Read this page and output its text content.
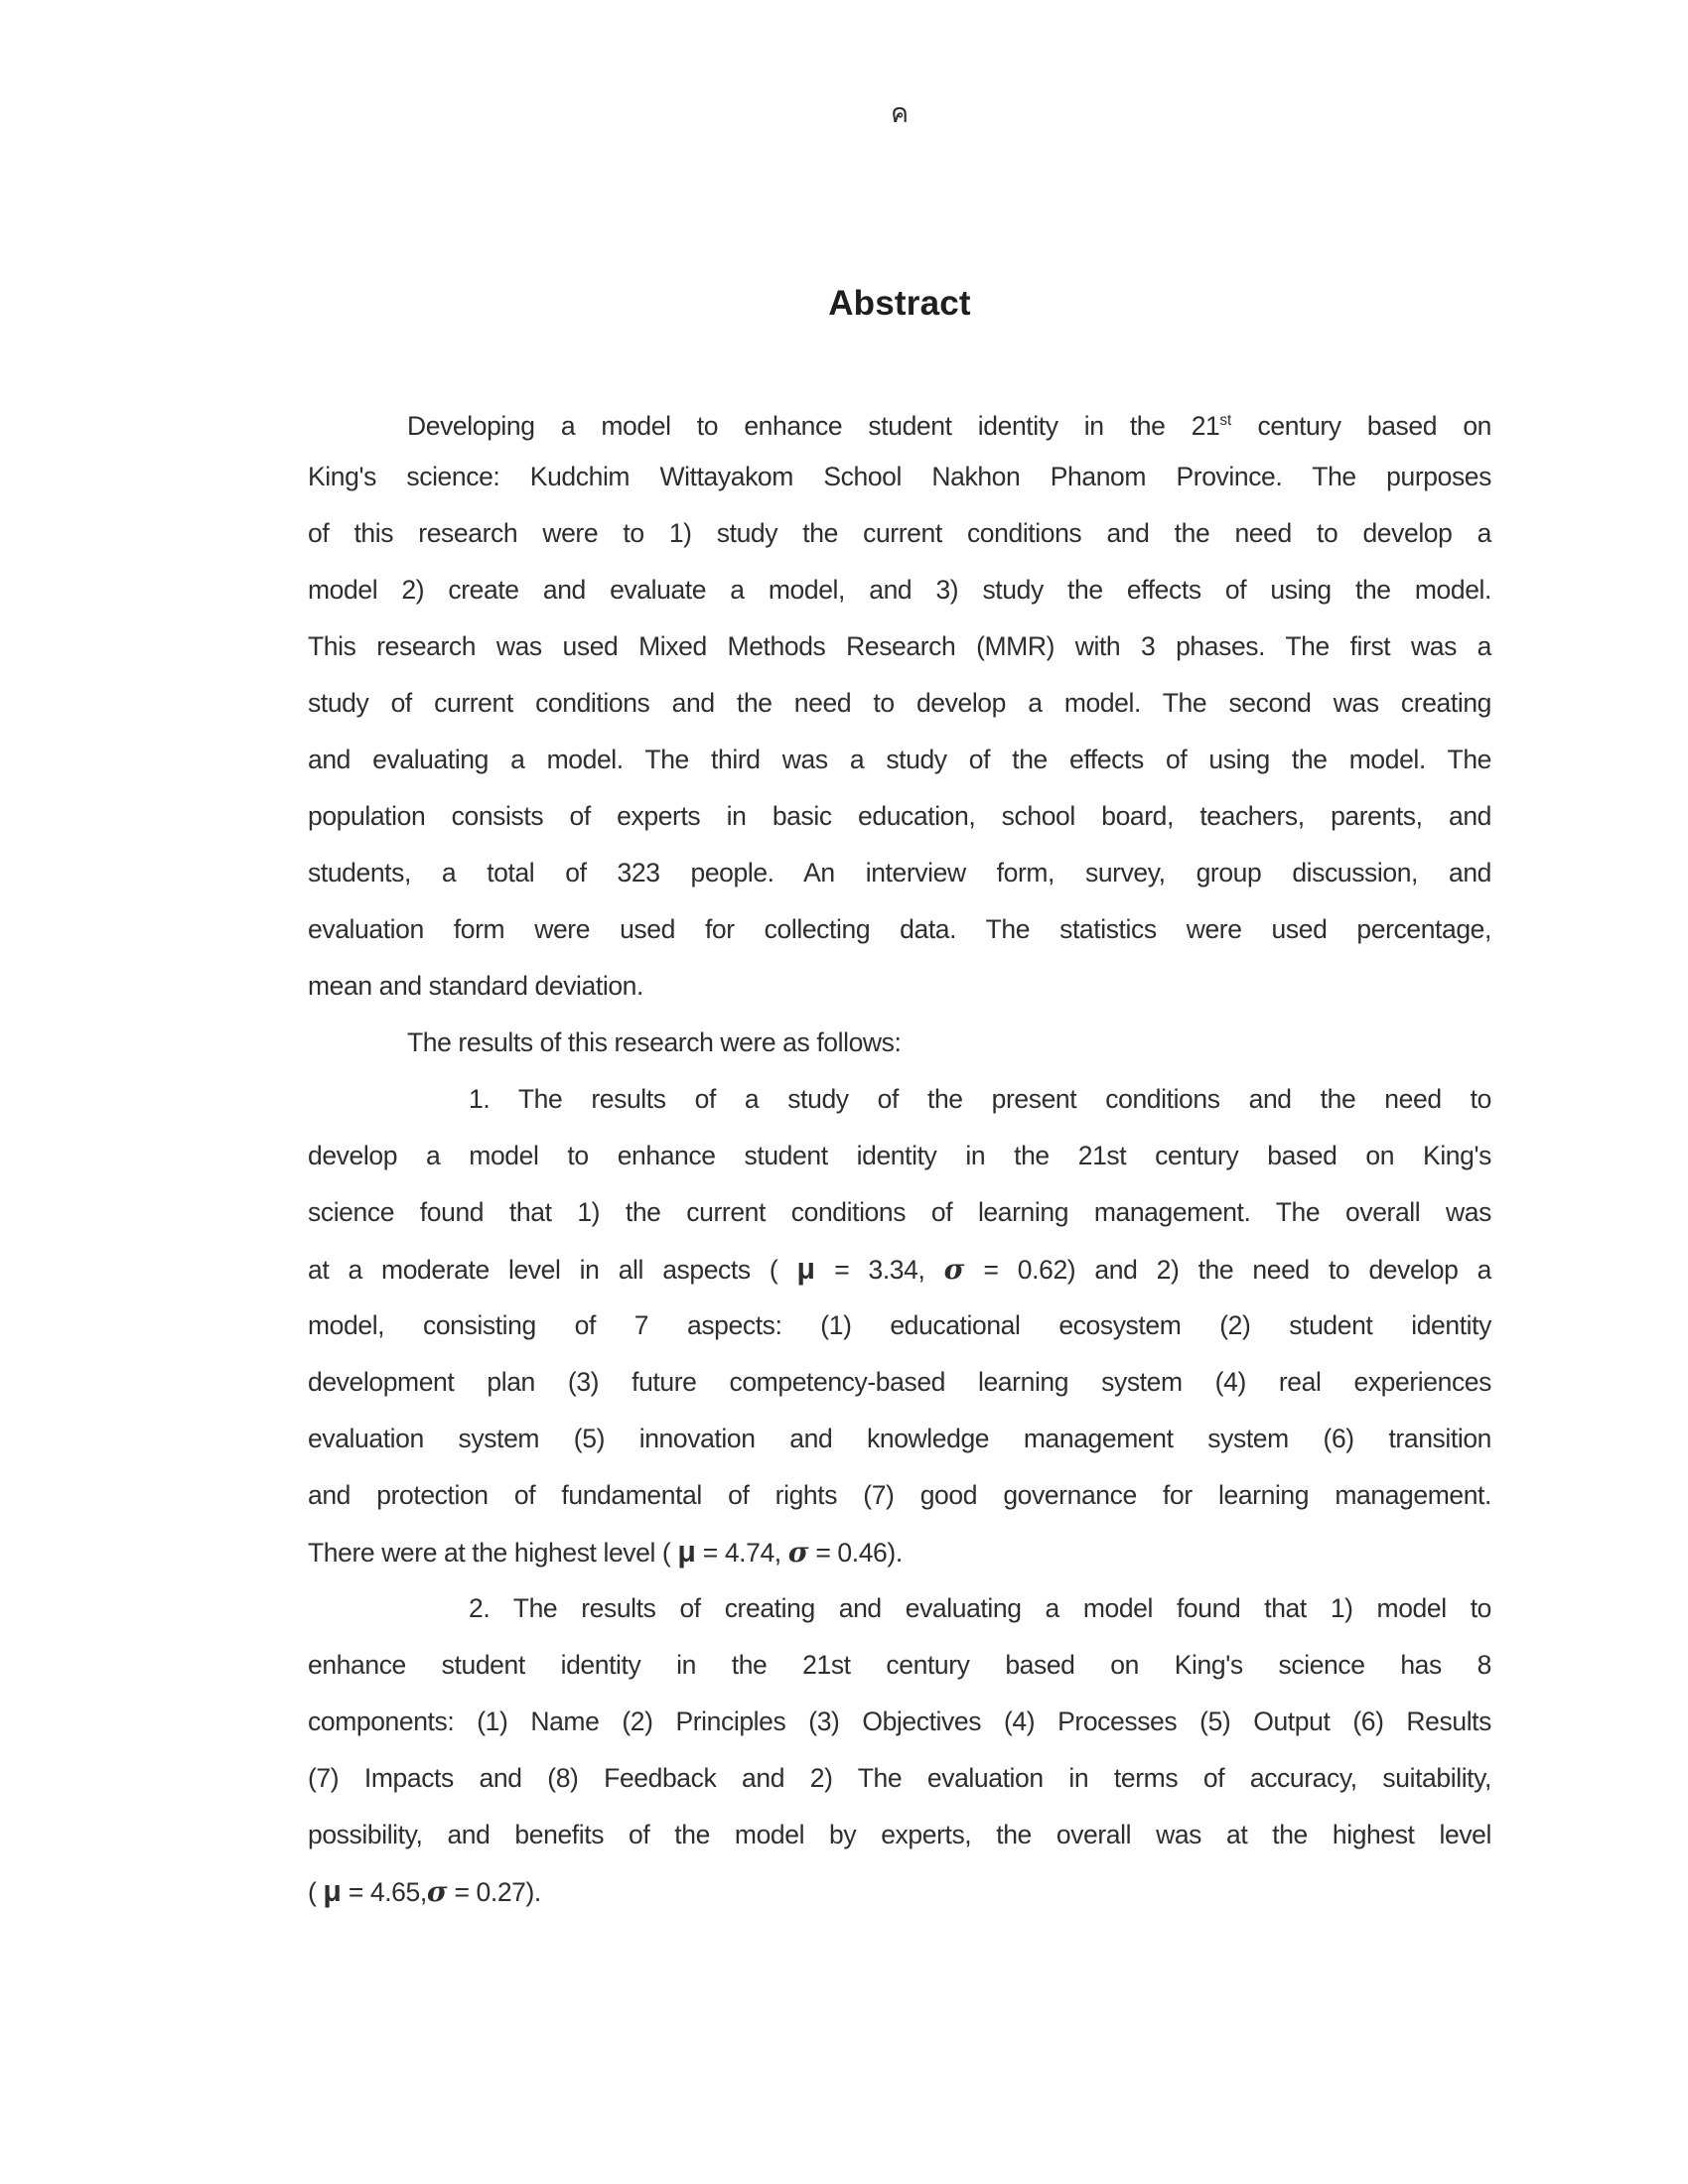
ค
Abstract
Developing a model to enhance student identity in the 21st century based on
King's science: Kudchim Wittayakom School Nakhon Phanom Province. The purposes
of this research were to 1) study the current conditions and the need to develop a
model 2) create and evaluate a model, and 3) study the effects of using the model.
This research was used Mixed Methods Research (MMR) with 3 phases. The first was a
study of current conditions and the need to develop a model. The second was creating
and evaluating a model. The third was a study of the effects of using the model. The
population consists of experts in basic education, school board, teachers, parents, and
students, a total of 323 people. An interview form, survey, group discussion, and
evaluation form were used for collecting data. The statistics were used percentage,
mean and standard deviation.
The results of this research were as follows:
1. The results of a study of the present conditions and the need to
develop a model to enhance student identity in the 21st century based on King's
science found that 1) the current conditions of learning management. The overall was
at a moderate level in all aspects ( μ = 3.34, σ = 0.62) and 2) the need to develop a
model, consisting of 7 aspects: (1) educational ecosystem (2) student identity
development plan (3) future competency-based learning system (4) real experiences
evaluation system (5) innovation and knowledge management system (6) transition
and protection of fundamental of rights (7) good governance for learning management.
There were at the highest level ( μ = 4.74, σ = 0.46).
2. The results of creating and evaluating a model found that 1) model to
enhance student identity in the 21st century based on King's science has 8
components: (1) Name (2) Principles (3) Objectives (4) Processes (5) Output (6) Results
(7) Impacts and (8) Feedback and 2) The evaluation in terms of accuracy, suitability,
possibility, and benefits of the model by experts, the overall was at the highest level
( μ = 4.65,σ = 0.27).
